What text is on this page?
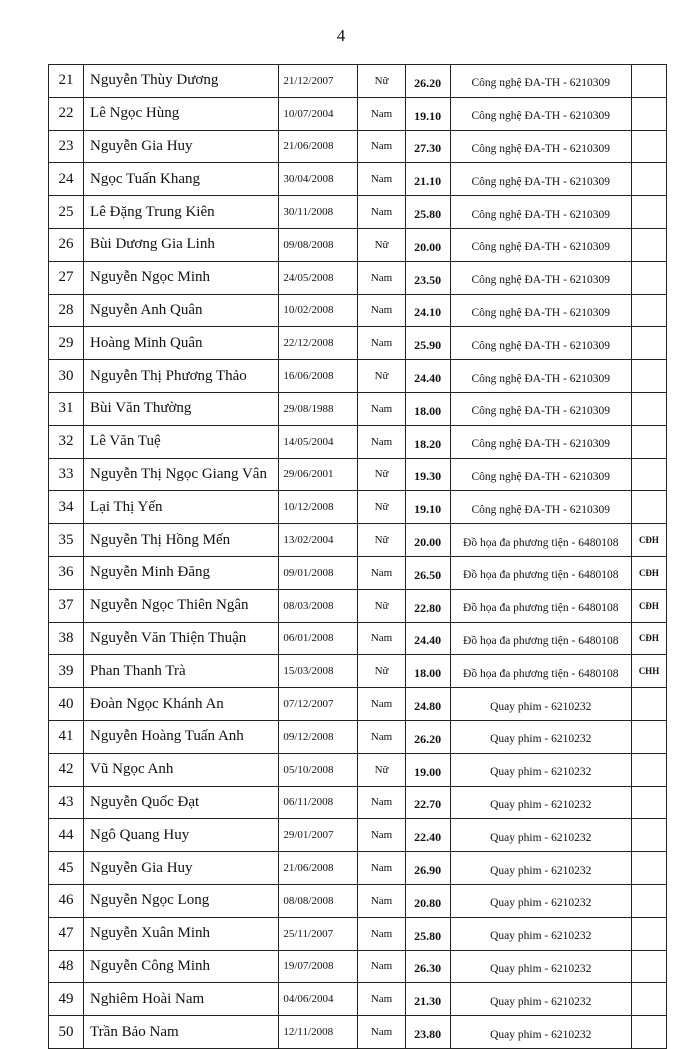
4
21	Nguyễn Thùy Dương	21/12/2007	Nữ	26.20	Công nghệ ĐA-TH - 6210309	
22	Lê Ngọc Hùng	10/07/2004	Nam	19.10	Công nghệ ĐA-TH - 6210309	
23	Nguyễn Gia Huy	21/06/2008	Nam	27.30	Công nghệ ĐA-TH - 6210309	
24	Ngọc Tuấn Khang	30/04/2008	Nam	21.10	Công nghệ ĐA-TH - 6210309	
25	Lê Đặng Trung Kiên	30/11/2008	Nam	25.80	Công nghệ ĐA-TH - 6210309	
26	Bùi Dương Gia Linh	09/08/2008	Nữ	20.00	Công nghệ ĐA-TH - 6210309	
27	Nguyễn Ngọc Minh	24/05/2008	Nam	23.50	Công nghệ ĐA-TH - 6210309	
28	Nguyễn Anh Quân	10/02/2008	Nam	24.10	Công nghệ ĐA-TH - 6210309	
29	Hoàng Minh Quân	22/12/2008	Nam	25.90	Công nghệ ĐA-TH - 6210309	
30	Nguyễn Thị Phương Thảo	16/06/2008	Nữ	24.40	Công nghệ ĐA-TH - 6210309	
31	Bùi Văn Thường	29/08/1988	Nam	18.00	Công nghệ ĐA-TH - 6210309	
32	Lê Văn Tuệ	14/05/2004	Nam	18.20	Công nghệ ĐA-TH - 6210309	
33	Nguyễn Thị Ngọc Giang Vân	29/06/2001	Nữ	19.30	Công nghệ ĐA-TH - 6210309	
34	Lại Thị Yến	10/12/2008	Nữ	19.10	Công nghệ ĐA-TH - 6210309	
35	Nguyễn Thị Hồng Mến	13/02/2004	Nữ	20.00	Đồ họa đa phương tiện - 6480108	CĐH
36	Nguyễn Minh Đăng	09/01/2008	Nam	26.50	Đồ họa đa phương tiện - 6480108	CĐH
37	Nguyễn Ngọc Thiên Ngân	08/03/2008	Nữ	22.80	Đồ họa đa phương tiện - 6480108	CĐH
38	Nguyễn Văn Thiện Thuận	06/01/2008	Nam	24.40	Đồ họa đa phương tiện - 6480108	CĐH
39	Phan Thanh Trà	15/03/2008	Nữ	18.00	Đồ họa đa phương tiện - 6480108	CHH
40	Đoàn Ngọc Khánh An	07/12/2007	Nam	24.80	Quay phim - 6210232	
41	Nguyễn Hoàng Tuấn Anh	09/12/2008	Nam	26.20	Quay phim - 6210232	
42	Vũ Ngọc Anh	05/10/2008	Nữ	19.00	Quay phim - 6210232	
43	Nguyễn Quốc Đạt	06/11/2008	Nam	22.70	Quay phim - 6210232	
44	Ngô Quang Huy	29/01/2007	Nam	22.40	Quay phim - 6210232	
45	Nguyễn Gia Huy	21/06/2008	Nam	26.90	Quay phim - 6210232	
46	Nguyễn Ngọc Long	08/08/2008	Nam	20.80	Quay phim - 6210232	
47	Nguyễn Xuân Minh	25/11/2007	Nam	25.80	Quay phim - 6210232	
48	Nguyễn Công Minh	19/07/2008	Nam	26.30	Quay phim - 6210232	
49	Nghiêm Hoài Nam	04/06/2004	Nam	21.30	Quay phim - 6210232	
50	Trần Bảo Nam	12/11/2008	Nam	23.80	Quay phim - 6210232	
